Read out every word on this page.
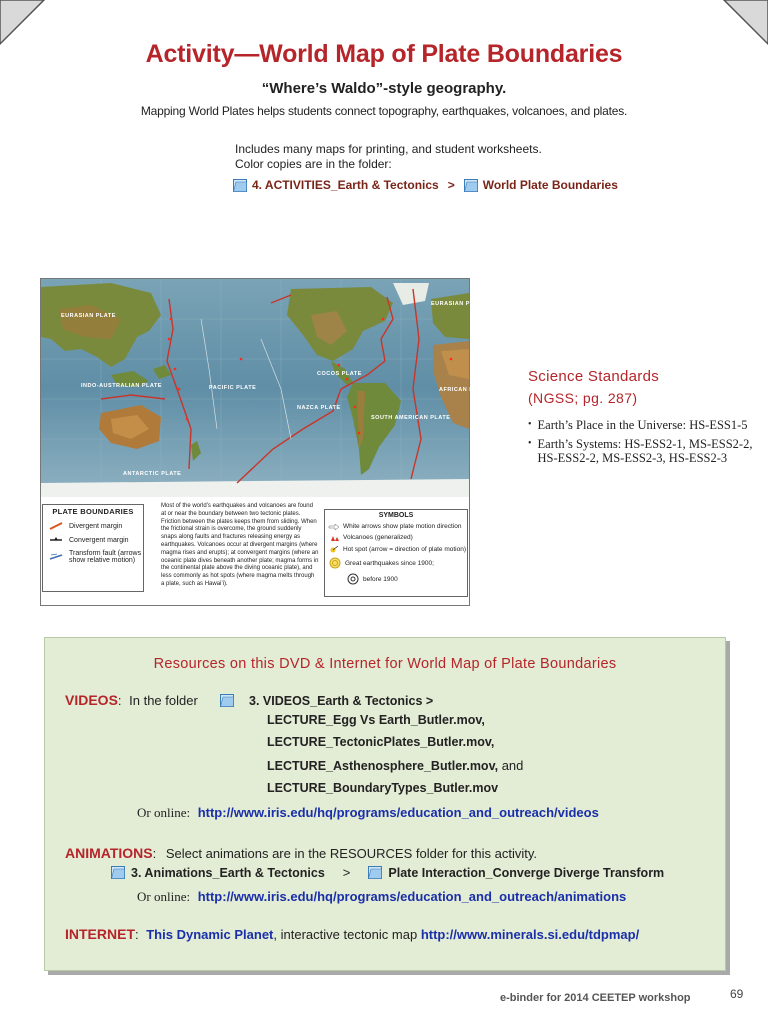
Activity—World Map of Plate Boundaries
“Where’s Waldo”-style geography.
Mapping World Plates helps students connect topography, earthquakes, volcanoes, and plates.
Includes many maps for printing, and student worksheets.
Color copies are in the folder:
4. ACTIVITIES_Earth & Tectonics > World Plate Boundaries
EURASIAN PLATE
INDO-AUSTRALIAN PLATE	PACIFIC PLATE
ANTARCTIC PLATE
NAZCA PLATE
SOUTH AMERICAN PLATE
AFRICAN PLATE
EURASIAN PLATE
COCOS PLATE
PLATE BOUNDARIES
Divergent margin
Convergent margin
Transform fault (arrows show relative motion)
Most of the world’s earthquakes and volcanoes are found at or near the boundary between two tectonic plates. Friction between the plates keeps them from sliding. When the frictional strain is overcome, the ground suddenly snaps along faults and fractures releasing energy as earthquakes. Volcanoes occur at divergent margins (where magma rises and erupts); at convergent margins (where an oceanic plate dives beneath another plate; magma forms in the continental plate above the diving oceanic plate), and less commonly as hot spots (where magma melts through a plate, such as Hawai’i).
SYMBOLS
White arrows show plate motion direction
Volcanoes (generalized)
Hot spot (arrow = direction of plate motion)
Great earthquakes since 1900;
before 1900
Science Standards
(NGSS; pg. 287)
• Earth’s Place in the Universe: HS-ESS1-5
• Earth’s Systems: HS-ESS2-1, MS-ESS2-2, HS-ESS2-2, MS-ESS2-3, HS-ESS2-3
Resources on this DVD & Internet for World Map of Plate Boundaries
VIDEOS: In the folder	3. VIDEOS_Earth & Tectonics >
LECTURE_Egg Vs Earth_Butler.mov,
LECTURE_TectonicPlates_Butler.mov,
LECTURE_Asthenosphere_Butler.mov, and
LECTURE_BoundaryTypes_Butler.mov
Or online: http://www.iris.edu/hq/programs/education_and_outreach/videos
ANIMATIONS: Select animations are in the RESOURCES folder for this activity.
3. Animations_Earth & Tectonics >	Plate Interaction_Converge Diverge Transform
Or online: http://www.iris.edu/hq/programs/education_and_outreach/animations
INTERNET: This Dynamic Planet, interactive tectonic map http://www.minerals.si.edu/tdpmap/
e-binder for 2014 CEETEP workshop	69
